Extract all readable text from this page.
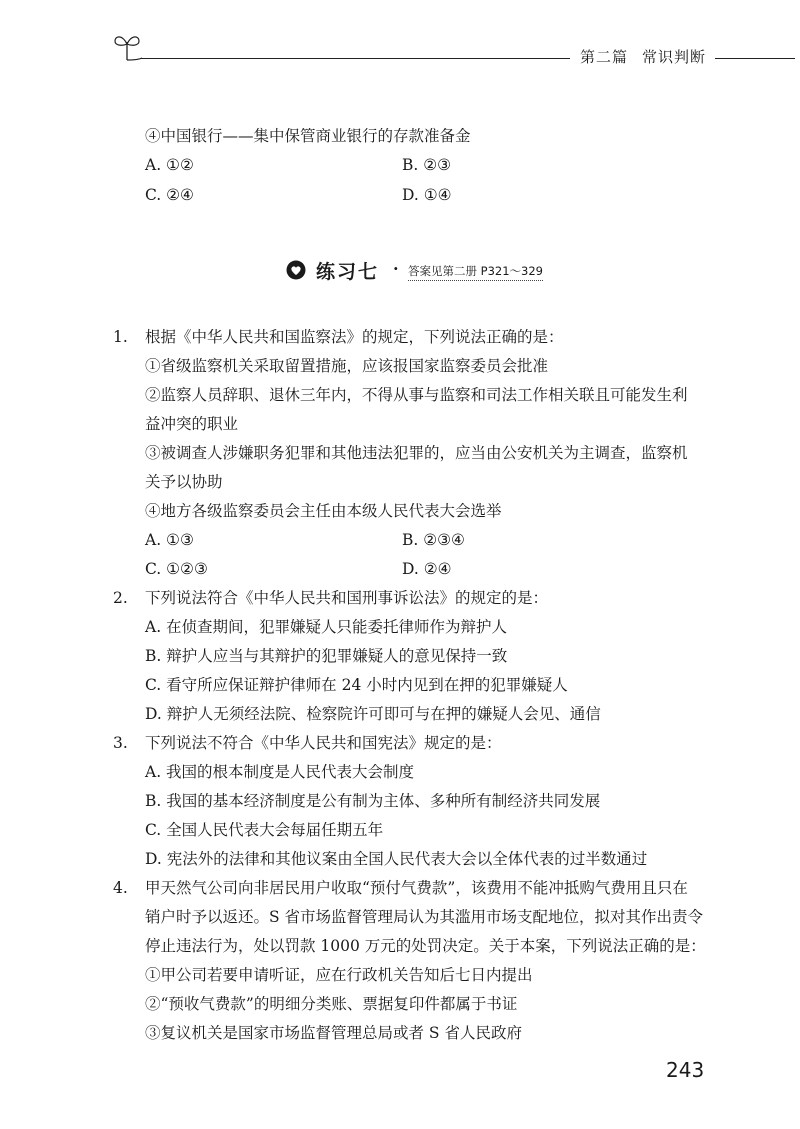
第二篇 常识判断
④中国银行——集中保管商业银行的存款准备金
A. ①②	B. ②③
C. ②④	D. ①④
练习七 · 答案见第二册 P321～329
1. 根据《中华人民共和国监察法》的规定，下列说法正确的是：
①省级监察机关采取留置措施，应该报国家监察委员会批准
②监察人员辞职、退休三年内，不得从事与监察和司法工作相关联且可能发生利
益冲突的职业
③被调查人涉嫌职务犯罪和其他违法犯罪的，应当由公安机关为主调查，监察机
关予以协助
④地方各级监察委员会主任由本级人民代表大会选举
A. ①③	B. ②③④
C. ①②③	D. ②④
2. 下列说法符合《中华人民共和国刑事诉讼法》的规定的是：
A. 在侦查期间，犯罪嫌疑人只能委托律师作为辩护人
B. 辩护人应当与其辩护的犯罪嫌疑人的意见保持一致
C. 看守所应保证辩护律师在 24 小时内见到在押的犯罪嫌疑人
D. 辩护人无须经法院、检察院许可即可与在押的嫌疑人会见、通信
3. 下列说法不符合《中华人民共和国宪法》规定的是：
A. 我国的根本制度是人民代表大会制度
B. 我国的基本经济制度是公有制为主体、多种所有制经济共同发展
C. 全国人民代表大会每届任期五年
D. 宪法外的法律和其他议案由全国人民代表大会以全体代表的过半数通过
4. 甲天然气公司向非居民用户收取“预付气费款”，该费用不能冲抵购气费用且只在
销户时予以返还。S 省市场监督管理局认为其滥用市场支配地位，拟对其作出责令
停止违法行为，处以罚款 1000 万元的处罚决定。关于本案，下列说法正确的是：
①甲公司若要申请听证，应在行政机关告知后七日内提出
②“预收气费款”的明细分类账、票据复印件都属于书证
③复议机关是国家市场监督管理总局或者 S 省人民政府
243
